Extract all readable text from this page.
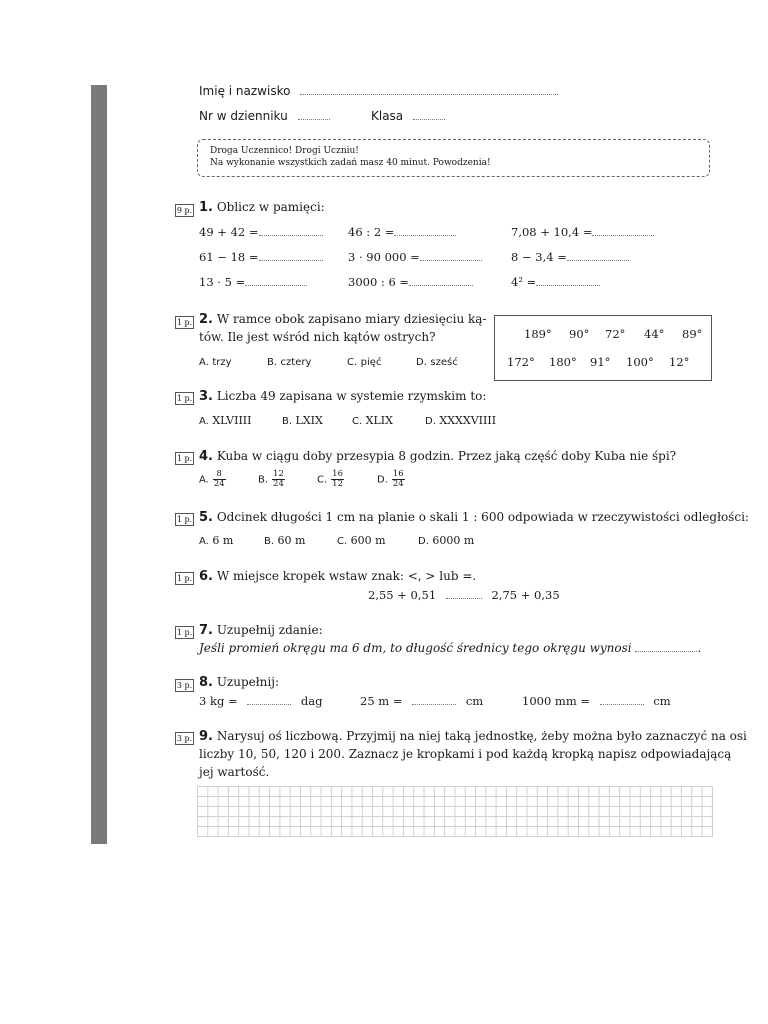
Imię i nazwisko
Nr w dzienniku	Klasa
Droga Uczennico! Drogi Uczniu!
Na wykonanie wszystkich zadań masz 40 minut. Powodzenia!
9 p. 1. Oblicz w pamięci:
49 + 42 =	46 : 2 =	7,08 + 10,4 =
61 − 18 =	3 · 90 000 =	8 − 3,4 =
13 · 5 =	3000 : 6 =	4² =
1 p. 2. W ramce obok zapisano miary dziesięciu ką-
tów. Ile jest wśród nich kątów ostrych?
A. trzy	B. cztery	C. pięć	D. sześć
189° 90° 72° 44° 89°
172° 180° 91° 100° 12°
1 p. 3. Liczba 49 zapisana w systemie rzymskim to:
A. XLVIIII	B. LXIX	C. XLIX	D. XXXXVIIII
1 p. 4. Kuba w ciągu doby przesypia 8 godzin. Przez jaką część doby Kuba nie śpi?
A. $\frac{8}{24}$	B. $\frac{12}{24}$	C. $\frac{16}{12}$	D. $\frac{16}{24}$
1 p. 5. Odcinek długości 1 cm na planie o skali 1 : 600 odpowiada w rzeczywistości odległości:
A. 6 m	B. 60 m	C. 600 m	D. 6000 m
1 p. 6. W miejsce kropek wstaw znak: <, > lub =.
2,55 + 0,51	2,75 + 0,35
1 p. 7. Uzupełnij zdanie:
Jeśli promień okręgu ma 6 dm, to długość średnicy tego okręgu wynosi	.
3 p. 8. Uzupełnij:
3 kg =	dag	25 m =	cm	1000 mm =	cm
3 p. 9. Narysuj oś liczbową. Przyjmij na niej taką jednostkę, żeby można było zaznaczyć na osi
liczby 10, 50, 120 i 200. Zaznacz je kropkami i pod każdą kropką napisz odpowiadającą
jej wartość.
